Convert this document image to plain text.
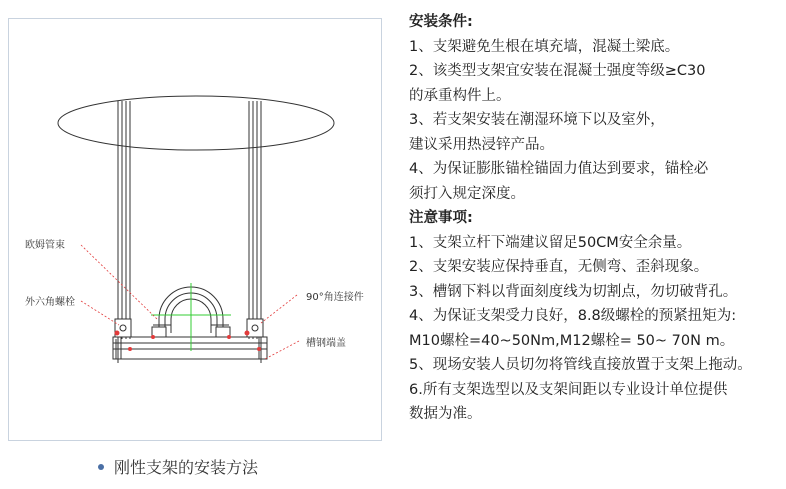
欧姆管束
外六角螺栓	90°角连接件
槽钢端盖
刚性支架的安装方法

安装条件:

1、支架避免生根在填充墙，混凝土梁底。

2、该类型支架宜安装在混凝士强度等级≥C30

的承重构件上。

3、若支架安装在潮湿环境下以及室外，

建议采用热浸锌产品。

4、为保证膨胀锚栓锚固力值达到要求，锚栓必

须打入规定深度。

注意事项:

1、支架立杆下端建议留足50CM安全余量。

2、支架安装应保持垂直，无侧弯、歪斜现象。

3、槽钢下料以背面刻度线为切割点，勿切破背孔。

4、为保证支架受力良好，8.8级螺栓的预紧扭矩为:

M10螺栓=40~50Nm,M12螺栓= 50~ 70N m。

5、现场安装人员切勿将管线直接放置于支架上拖动。

6.所有支架选型以及支架间距以专业设计单位提供

数据为准。
